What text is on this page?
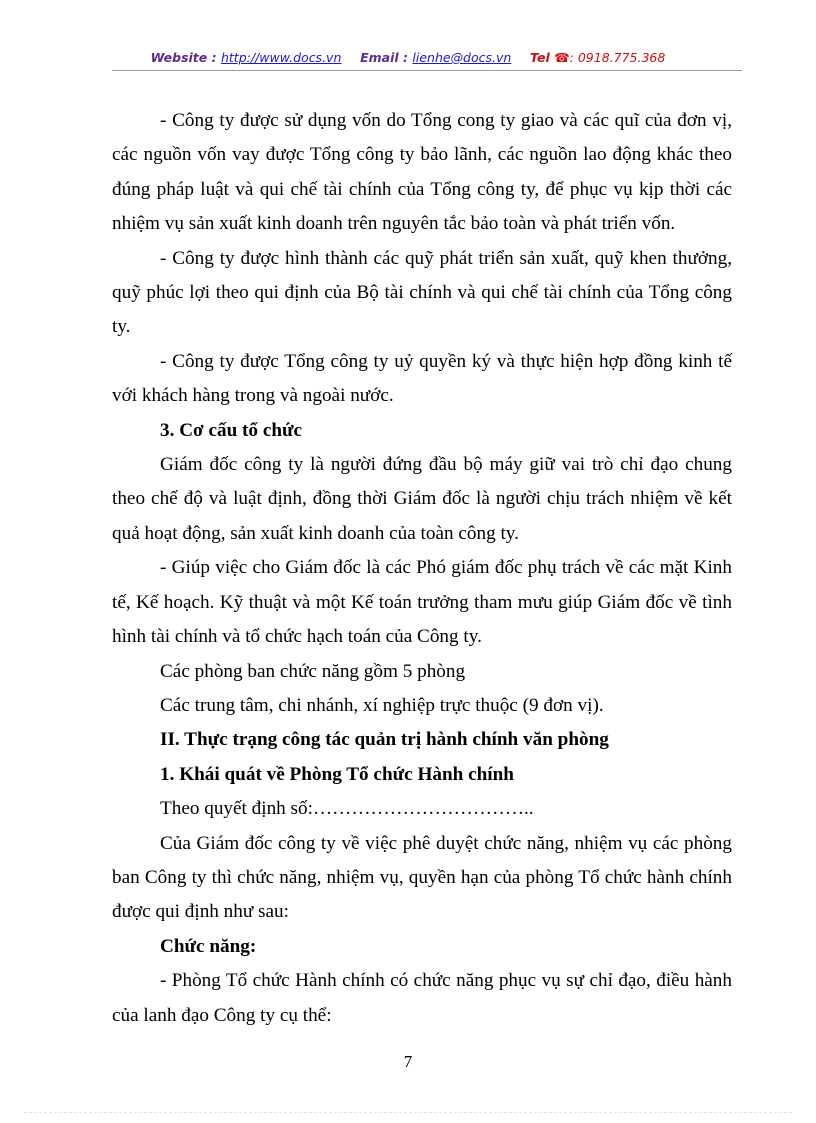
Website : http://www.docs.vn Email : lienhe@docs.vn Tel ☎: 0918.775.368

- Công ty được sử dụng vốn do Tổng cong ty giao và các quĩ của đơn vị, các nguồn vốn vay được Tổng công ty bảo lãnh, các nguồn lao động khác theo đúng pháp luật và qui chế tài chính của Tổng công ty, để phục vụ kịp thời các nhiệm vụ sản xuất kinh doanh trên nguyên tắc bảo toàn và phát triển vốn.

- Công ty được hình thành các quỹ phát triển sản xuất, quỹ khen thưởng, quỹ phúc lợi theo qui định của Bộ tài chính và qui chế tài chính của Tổng công ty.

- Công ty được Tổng công ty uỷ quyền ký và thực hiện hợp đồng kinh tế với khách hàng trong và ngoài nước.

3. Cơ cấu tổ chức

Giám đốc công ty là người đứng đầu bộ máy giữ vai trò chỉ đạo chung theo chế độ và luật định, đồng thời Giám đốc là người chịu trách nhiệm về kết quả hoạt động, sản xuất kinh doanh của toàn công ty.

- Giúp việc cho Giám đốc là các Phó giám đốc phụ trách về các mặt Kinh tế, Kế hoạch. Kỹ thuật và một Kế toán trưởng tham mưu giúp Giám đốc về tình hình tài chính và tổ chức hạch toán của Công ty.

Các phòng ban chức năng gồm 5 phòng

Các trung tâm, chi nhánh, xí nghiệp trực thuộc (9 đơn vị).

II. Thực trạng công tác quản trị hành chính văn phòng

1. Khái quát về Phòng Tổ chức Hành chính

Theo quyết định số:……………………………..

Của Giám đốc công ty về việc phê duyệt chức năng, nhiệm vụ các phòng ban Công ty thì chức năng, nhiệm vụ, quyền hạn của phòng Tổ chức hành chính được qui định như sau:

Chức năng:

- Phòng Tổ chức Hành chính có chức năng phục vụ sự chỉ đạo, điều hành của lanh đạo Công ty cụ thể:

7
